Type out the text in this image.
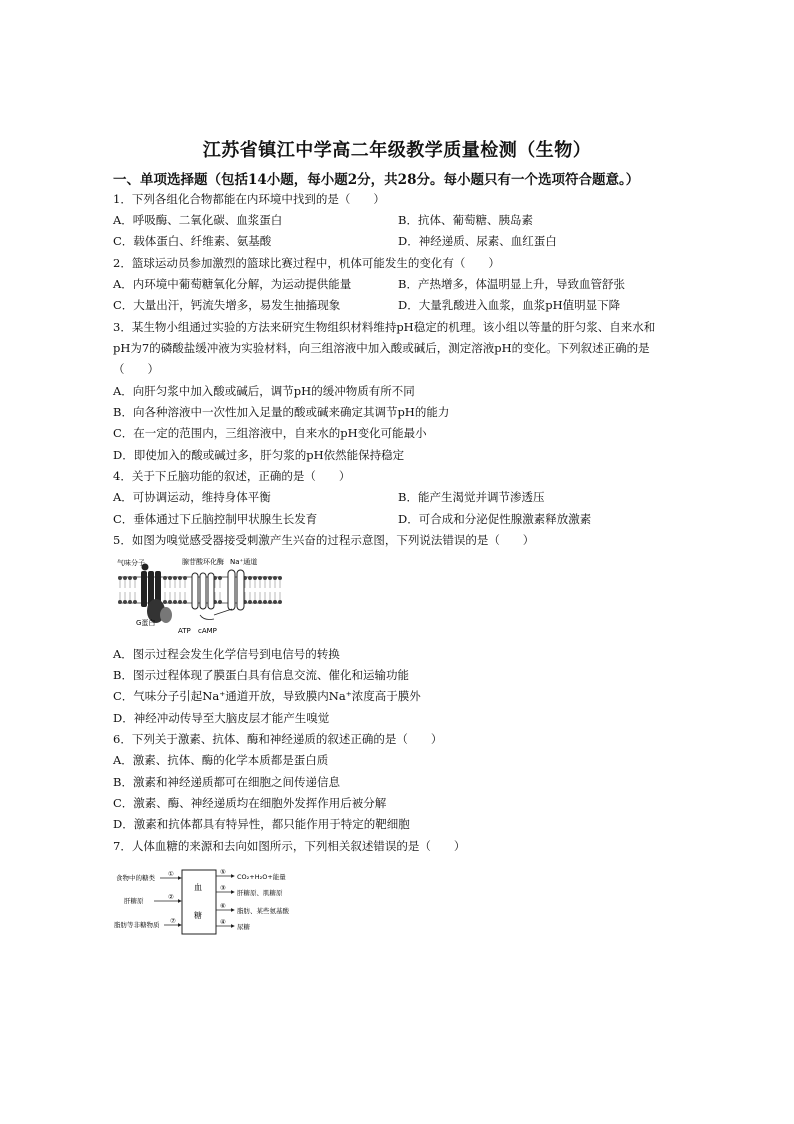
江苏省镇江中学高二年级教学质量检测（生物）
一、单项选择题（包括14小题，每小题2分，共28分。每小题只有一个选项符合题意。）
1．下列各组化合物都能在内环境中找到的是（　　）
A．呼吸酶、二氧化碳、血浆蛋白	B．抗体、葡萄糖、胰岛素
C．载体蛋白、纤维素、氨基酸	D．神经递质、尿素、血红蛋白
2．篮球运动员参加激烈的篮球比赛过程中，机体可能发生的变化有（　　）
A．内环境中葡萄糖氧化分解，为运动提供能量	B．产热增多，体温明显上升，导致血管舒张
C．大量出汗，钙流失增多，易发生抽搐现象	D．大量乳酸进入血浆，血浆pH值明显下降
3．某生物小组通过实验的方法来研究生物组织材料维持pH稳定的机理。该小组以等量的肝匀浆、自来水和
pH为7的磷酸盐缓冲液为实验材料，向三组溶液中加入酸或碱后，测定溶液pH的变化。下列叙述正确的是
（　　）
A．向肝匀浆中加入酸或碱后，调节pH的缓冲物质有所不同
B．向各种溶液中一次性加入足量的酸或碱来确定其调节pH的能力
C．在一定的范围内，三组溶液中，自来水的pH变化可能最小
D．即使加入的酸或碱过多，肝匀浆的pH依然能保持稳定
4．关于下丘脑功能的叙述，正确的是（　　）
A．可协调运动，维持身体平衡	B．能产生渴觉并调节渗透压
C．垂体通过下丘脑控制甲状腺生长发育	D．可合成和分泌促性腺激素释放激素
5．如图为嗅觉感受器接受刺激产生兴奋的过程示意图，下列说法错误的是（　　）
气味分子	腺苷酸环化酶 Na⁺通道
G蛋白
ATP cAMP
A．图示过程会发生化学信号到电信号的转换
B．图示过程体现了膜蛋白具有信息交流、催化和运输功能
C．气味分子引起Na⁺通道开放，导致膜内Na⁺浓度高于膜外
D．神经冲动传导至大脑皮层才能产生嗅觉
6．下列关于激素、抗体、酶和神经递质的叙述正确的是（　　）
A．激素、抗体、酶的化学本质都是蛋白质
B．激素和神经递质都可在细胞之间传递信息
C．激素、酶、神经递质均在细胞外发挥作用后被分解
D．激素和抗体都具有特异性，都只能作用于特定的靶细胞
7．人体血糖的来源和去向如图所示，下列相关叙述错误的是（　　）
血
糖
食物中的糖类
肝糖原
脂肪等非糖物质
①
②
⑦
⑤
③
⑥
④
CO₂+H₂O+能量
肝糖原、肌糖原
脂肪、某些氨基酸
尿糖
